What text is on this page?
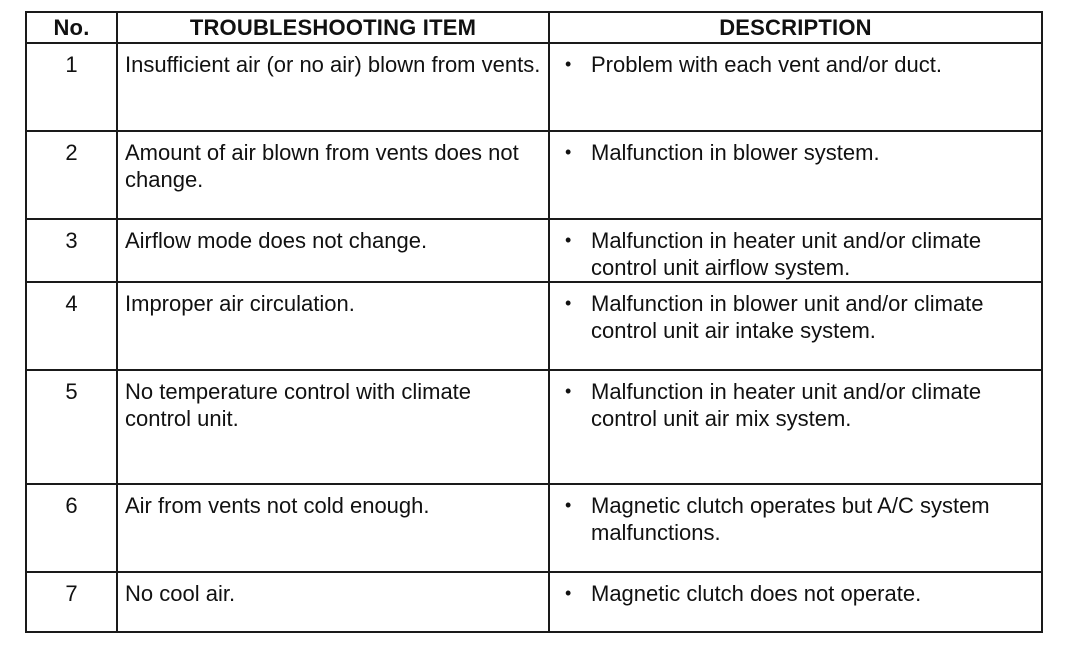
No.	TROUBLESHOOTING ITEM	DESCRIPTION
1	Insufficient air (or no air) blown from vents.	• Problem with each vent and/or duct.

2	Amount of air blown from vents does not change.	• Malfunction in blower system.

3	Airflow mode does not change.	• Malfunction in heater unit and/or climate control unit airflow system.

4	Improper air circulation.	• Malfunction in blower unit and/or climate control unit air intake system.

5	No temperature control with climate control unit.	• Malfunction in heater unit and/or climate control unit air mix system.

6	Air from vents not cold enough.	• Magnetic clutch operates but A/C system malfunctions.

7	No cool air.	• Magnetic clutch does not operate.
